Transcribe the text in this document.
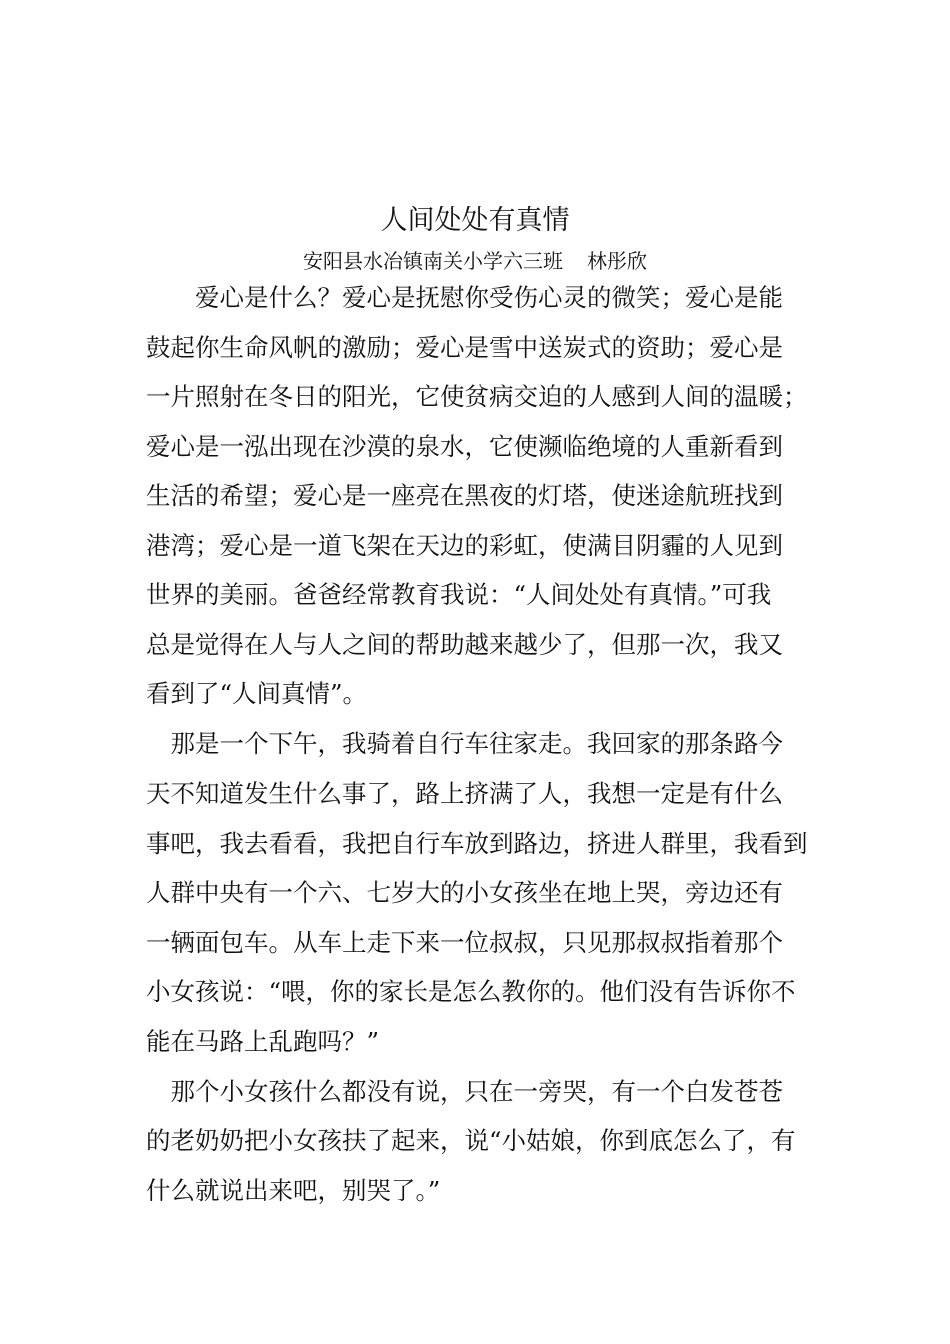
人间处处有真情
安阳县水冶镇南关小学六三班 林彤欣
　　爱心是什么？爱心是抚慰你受伤心灵的微笑；爱心是能
鼓起你生命风帆的激励；爱心是雪中送炭式的资助；爱心是
一片照射在冬日的阳光，它使贫病交迫的人感到人间的温暖；
爱心是一泓出现在沙漠的泉水，它使濒临绝境的人重新看到
生活的希望；爱心是一座亮在黑夜的灯塔，使迷途航班找到
港湾；爱心是一道飞架在天边的彩虹，使满目阴霾的人见到
世界的美丽。爸爸经常教育我说：“人间处处有真情。”可我
总是觉得在人与人之间的帮助越来越少了，但那一次，我又
看到了“人间真情”。
　那是一个下午，我骑着自行车往家走。我回家的那条路今
天不知道发生什么事了，路上挤满了人，我想一定是有什么
事吧，我去看看，我把自行车放到路边，挤进人群里，我看到
人群中央有一个六、七岁大的小女孩坐在地上哭，旁边还有
一辆面包车。从车上走下来一位叔叔，只见那叔叔指着那个
小女孩说：“喂，你的家长是怎么教你的。他们没有告诉你不
能在马路上乱跑吗？”
　那个小女孩什么都没有说，只在一旁哭，有一个白发苍苍
的老奶奶把小女孩扶了起来，说“小姑娘，你到底怎么了，有
什么就说出来吧，别哭了。”
